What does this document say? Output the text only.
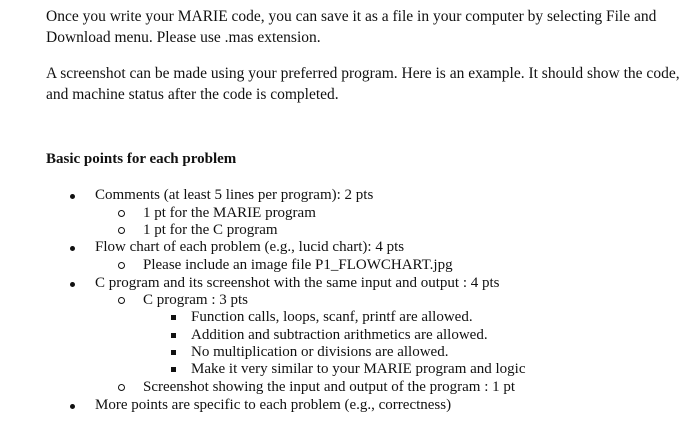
Once you write your MARIE code, you can save it as a file in your computer by selecting File and Download menu. Please use .mas extension.

A screenshot can be made using your preferred program. Here is an example. It should show the code, and machine status after the code is completed.

Basic points for each problem

Comments (at least 5 lines per program): 2 pts
1 pt for the MARIE program
1 pt for the C program
Flow chart of each problem (e.g., lucid chart): 4 pts
Please include an image file P1_FLOWCHART.jpg
C program and its screenshot with the same input and output : 4 pts
C program : 3 pts
Function calls, loops, scanf, printf are allowed.
Addition and subtraction arithmetics are allowed.
No multiplication or divisions are allowed.
Make it very similar to your MARIE program and logic
Screenshot showing the input and output of the program : 1 pt
More points are specific to each problem (e.g., correctness)
